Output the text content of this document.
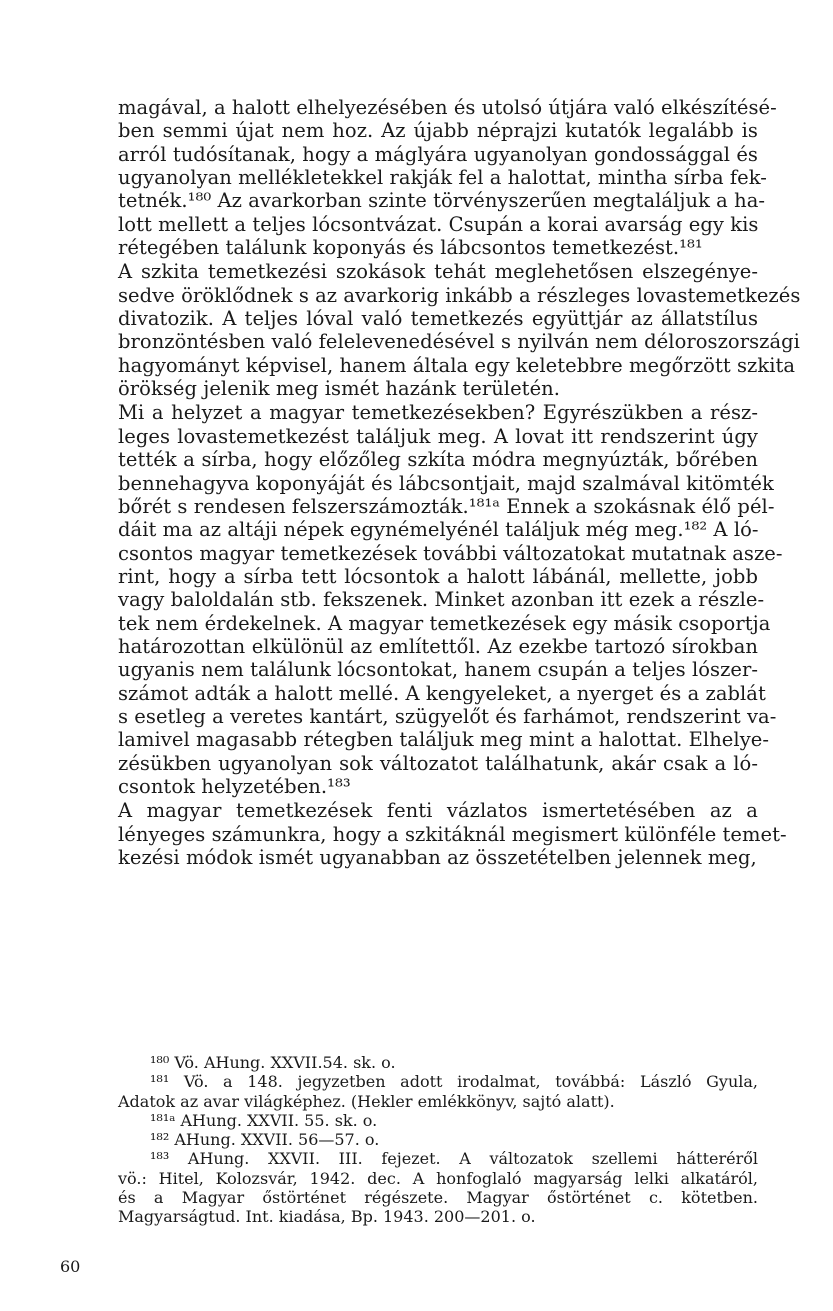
magával, a halott elhelyezésében és utolsó útjára való elkészítésé-
ben semmi újat nem hoz. Az újabb néprajzi kutatók legalább is
arról tudósítanak, hogy a máglyára ugyanolyan gondossággal és
ugyanolyan mellékletekkel rakják fel a halottat, mintha sírba fek-
tetnék.¹⁸⁰ Az avarkorban szinte törvényszerűen megtaláljuk a ha-
lott mellett a teljes lócsontvázat. Csupán a korai avarság egy kis
rétegében találunk koponyás és lábcsontos temetkezést.¹⁸¹
A szkita temetkezési szokások tehát meglehetősen elszegénye-
sedve öröklődnek s az avarkorig inkább a részleges lovastemetkezés
divatozik. A teljes lóval való temetkezés együttjár az állatstílus
bronzöntésben való felelevenedésével s nyilván nem déloroszországi
hagyományt képvisel, hanem általa egy keletebbre megőrzött szkita
örökség jelenik meg ismét hazánk területén.
Mi a helyzet a magyar temetkezésekben? Egyrészükben a rész-
leges lovastemetkezést találjuk meg. A lovat itt rendszerint úgy
tették a sírba, hogy előzőleg szkíta módra megnyúzták, bőrében
bennehagyva koponyáját és lábcsontjait, majd szalmával kitömték
bőrét s rendesen felszerszámozták.¹⁸¹ᵃ Ennek a szokásnak élő pél-
dáit ma az altáji népek egynémelyénél találjuk még meg.¹⁸² A ló-
csontos magyar temetkezések további változatokat mutatnak asze-
rint, hogy a sírba tett lócsontok a halott lábánál, mellette, jobb
vagy baloldalán stb. fekszenek. Minket azonban itt ezek a részle-
tek nem érdekelnek. A magyar temetkezések egy másik csoportja
határozottan elkülönül az említettől. Az ezekbe tartozó sírokban
ugyanis nem találunk lócsontokat, hanem csupán a teljes lószer-
számot adták a halott mellé. A kengyeleket, a nyerget és a zablát
s esetleg a veretes kantárt, szügyelőt és farhámot, rendszerint va-
lamivel magasabb rétegben találjuk meg mint a halottat. Elhelye-
zésükben ugyanolyan sok változatot találhatunk, akár csak a ló-
csontok helyzetében.¹⁸³
A magyar temetkezések fenti vázlatos ismertetésében az a
lényeges számunkra, hogy a szkitáknál megismert különféle temet-
kezési módok ismét ugyanabban az összetételben jelennek meg,
¹⁸⁰ Vö. AHung. XXVII.54. sk. o.
¹⁸¹ Vö. a 148. jegyzetben adott irodalmat, továbbá: László Gyula,
Adatok az avar világképhez. (Hekler emlékkönyv, sajtó alatt).
¹⁸¹ᵃ AHung. XXVII. 55. sk. o.
¹⁸² AHung. XXVII. 56—57. o.
¹⁸³ AHung. XXVII. III. fejezet. A változatok szellemi hátteréről
vö.: Hitel, Kolozsvár, 1942. dec. A honfoglaló magyarság lelki alkatáról,
és a Magyar őstörténet régészete. Magyar őstörténet c. kötetben.
Magyarságtud. Int. kiadása, Bp. 1943. 200—201. o.
60
